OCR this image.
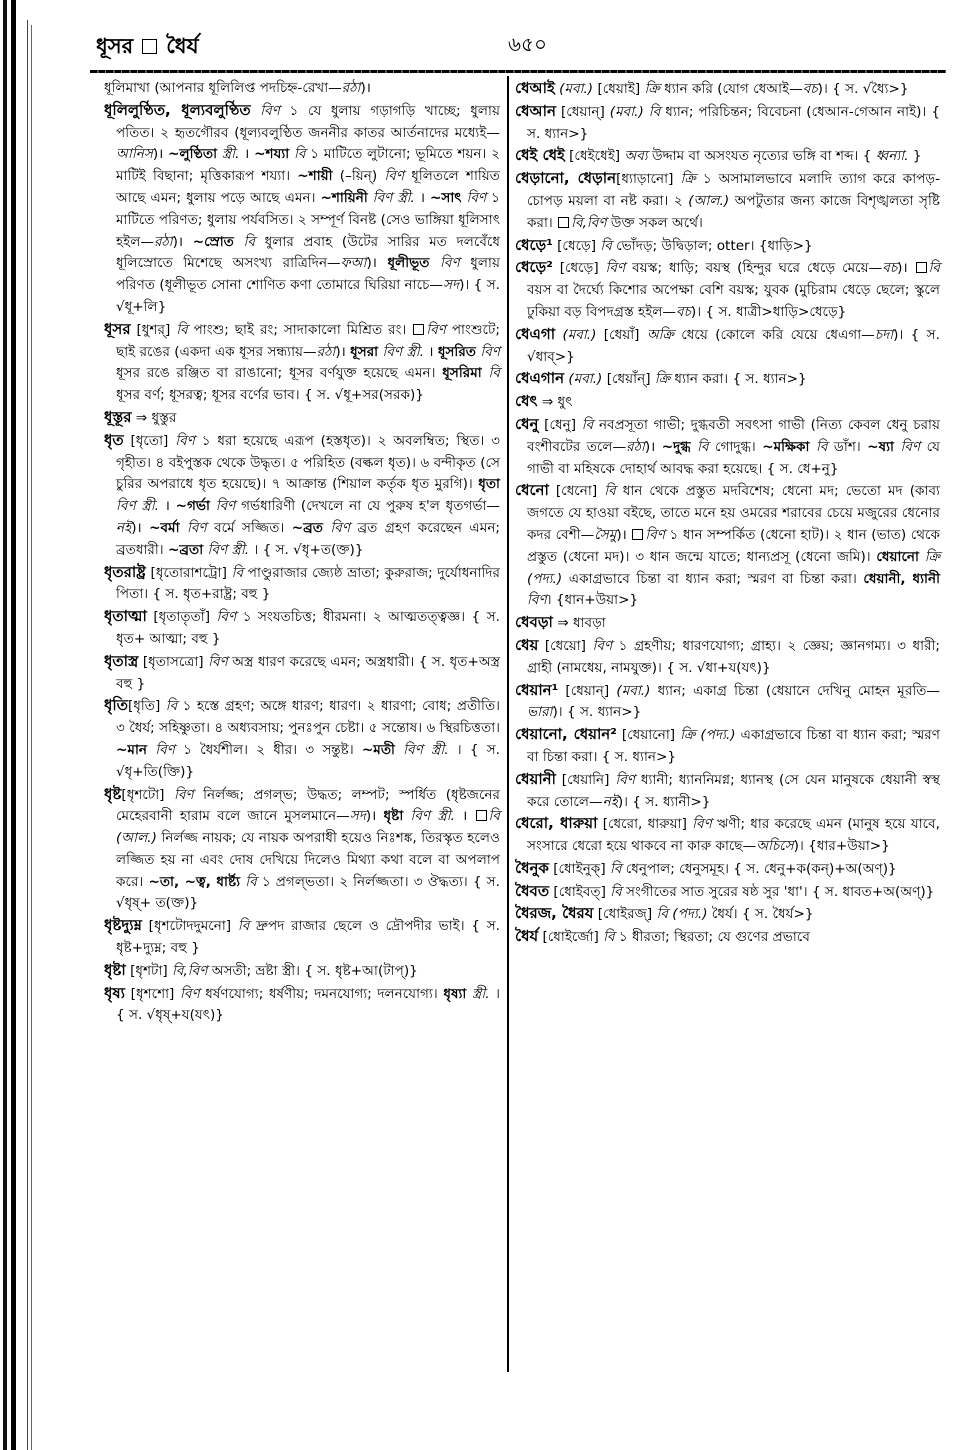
ধূসর ধৈর্য	৬৫০
ধূলিমাখা (আপনার ধূলিলিপ্ত পদচিহ্ন-রেখা—রঠা)।
ধূলিলুণ্ঠিত, ধূল্যবলুণ্ঠিত বিণ ১ যে ধুলায় গড়াগড়ি খাচ্ছে; ধুলায় পতিত। ২ হৃতগৌরব (ধূল্যবলুণ্ঠিত জননীর কাতর আর্তনাদের মধ্যেই—আনিস)। ~লুণ্ঠিতা স্ত্রী. । ~শয্যা বি ১ মাটিতে লুটানো; ভূমিতে শয়ন। ২ মাটিই বিছানা; মৃত্তিকারূপ শয্যা। ~শায়ী (–য়িন্) বিণ ধূলিতলে শায়িত আছে এমন; ধুলায় পড়ে আছে এমন। ~শায়িনী বিণ স্ত্রী. । ~সাৎ বিণ ১ মাটিতে পরিণত; ধুলায় পর্যবসিত। ২ সম্পূর্ণ বিনষ্ট (সেও ভাঙ্গিয়া ধূলিসাৎ হইল—রঠা)। ~স্রোত বি ধুলার প্রবাহ (উটের সারির মত দলবেঁধে ধূলিস্রোতে মিশেছে অসংখ্য রাত্রিদিন—ফআ)। ধূলীভূত বিণ ধুলায় পরিণত (ধূলীভূত সোনা শোণিত কণা তোমারে ঘিরিয়া নাচে—সদ)। { স. √ধূ+লি}
ধূসর [ধুশর্] বি পাংশু; ছাই রং; সাদাকালো মিশ্রিত রং। বিণ পাংশুটে; ছাই রঙের (একদা এক ধূসর সন্ধ্যায়—রঠা)। ধূসরা বিণ স্ত্রী. । ধূসরিত বিণ ধূসর রঙে রঞ্জিত বা রাঙানো; ধূসর বর্ণযুক্ত হয়েছে এমন। ধূসরিমা বি ধূসর বর্ণ; ধূসরত্ব; ধূসর বর্ণের ভাব। { স. √ধূ+সর(সরক)}
ধূস্তূর ⇒ ধুস্তুর
ধৃত [ধৃতো] বিণ ১ ধরা হয়েছে এরূপ (হস্তধৃত)। ২ অবলম্বিত; স্থিত। ৩ গৃহীত। ৪ বইপুস্তক থেকে উদ্ধৃত। ৫ পরিহিত (বল্কল ধৃত)। ৬ বন্দীকৃত (সে চুরির অপরাধে ধৃত হয়েছে)। ৭ আক্রান্ত (শিয়াল কর্তৃক ধৃত মুরগি)। ধৃতা বিণ স্ত্রী. । ~গর্ভা বিণ গর্ভধারিণী (দেখলে না যে পুরুষ হ'ল ধৃতগর্ভা—নই)। ~বর্মা বিণ বর্মে সজ্জিত। ~ব্রত বিণ ব্রত গ্রহণ করেছেন এমন; ব্রতধারী। ~ব্রতা বিণ স্ত্রী. । { স. √ধৃ+ত(ক্ত)}
ধৃতরাষ্ট্র [ধৃতোরাশট্রো] বি পাণ্ডুরাজার জ্যেষ্ঠ ভ্রাতা; কুরুরাজ; দুর্যোধনাদির পিতা। { স. ধৃত+রাষ্ট্র; বহু }
ধৃতাত্মা [ধৃতাতৃতাঁ] বিণ ১ সংযতচিত্ত; ধীরমনা। ২ আত্মতত্ত্বজ্ঞ। { স. ধৃত+ আত্মা; বহু }
ধৃতাস্ত্র [ধৃতাসত্রো] বিণ অস্ত্র ধারণ করেছে এমন; অস্ত্রধারী। { স. ধৃত+অস্ত্র বহু }
ধৃতি[ধৃতি] বি ১ হস্তে গ্রহণ; অঙ্গে ধারণ; ধারণ। ২ ধারণা; বোধ; প্রতীতি। ৩ ধৈর্য; সহিষ্ণুতা। ৪ অধ্যবসায়; পুনঃপুন চেষ্টা। ৫ সন্তোষ। ৬ স্থিরচিত্ততা। ~মান বিণ ১ ধৈর্যশীল। ২ ধীর। ৩ সন্তুষ্ট। ~মতী বিণ স্ত্রী. । { স. √ধৃ+তি(ক্তি)}
ধৃষ্ট[ধৃশটো] বিণ নির্লজ্জ; প্রগল্ভ; উদ্ধত; লম্পট; স্পর্ধিত (ধৃষ্টজনের মেহেরবানী হারাম বলে জানে মুসলমানে—সদ)। ধৃষ্টা বিণ স্ত্রী. । বি (আল.) নির্লজ্জ নায়ক; যে নায়ক অপরাধী হয়েও নিঃশঙ্ক, তিরস্কৃত হলেও লজ্জিত হয় না এবং দোষ দেখিয়ে দিলেও মিথ্যা কথা বলে বা অপলাপ করে। ~তা, ~ত্ব, ধার্ষ্ট্য বি ১ প্রগল্ভতা। ২ নির্লজ্জতা। ৩ ঔদ্ধত্য। { স. √ধৃষ্+ ত(ক্ত)}
ধৃষ্টদ্যুম্ন [ধৃশটোদদুমনো] বি দ্রুপদ রাজার ছেলে ও দ্রৌপদীর ভাই। { স. ধৃষ্ট+দ্যুম্ন; বহু }
ধৃষ্টা [ধৃশটা] বি,বিণ অসতী; ভ্রষ্টা স্ত্রী। { স. ধৃষ্ট+আ(টাপ্)}
ধৃষ্য [ধৃশশো] বিণ ধর্ষণযোগ্য; ধর্ষণীয়; দমনযোগ্য; দলনযোগ্য। ধৃষ্যা স্ত্রী. । { স. √ধৃষ্+য(যৎ)}
ধেআই (মবা.) [ধেয়াই] ক্রি ধ্যান করি (যোগ ধেআই—বচ)। { স. √ধ্যৈ>}
ধেআন [ধেয়ান্] (মবা.) বি ধ্যান; পরিচিন্তন; বিবেচনা (ধেআন-গেআন নাই)। { স. ধ্যান>}
ধেই ধেই [ধেইধেই] অব্য উদ্দাম বা অসংযত নৃত্যের ভঙ্গি বা শব্দ। { ধ্বন্যা. }
ধেড়ানো, ধেড়ান[ধ্যাড়ানো] ক্রি ১ অসামালভাবে মলাদি ত্যাগ করে কাপড়-চোপড় ময়লা বা নষ্ট করা। ২ (আল.) অপটুতার জন্য কাজে বিশৃঙ্খলতা সৃষ্টি করা। বি,বিণ উক্ত সকল অর্থে।
ধেড়ে¹ [ধেড়ে] বি ভোঁদড়; উদ্বিড়াল; otter। {ধাড়ি>}
ধেড়ে² [ধেড়ে] বিণ বয়স্ক; ধাড়ি; বয়স্থ (হিন্দুর ঘরে ধেড়ে মেয়ে—বচ)। বি বয়স বা দৈর্ঘ্যে কিশোর অপেক্ষা বেশি বয়স্ক; যুবক (মুচিরাম ধেড়ে ছেলে; স্কুলে ঢুকিয়া বড় বিপদগ্রস্ত হইল—বচ)। { স. ধাত্রী>ধাড়ি>ধেড়ে}
ধেএগা (মবা.) [ধেয়াঁ] অক্রি ধেয়ে (কোলে করি যেয়ে ধেএগা—চদা)। { স. √ধাব্>}
ধেএগান (মবা.) [ধেয়াঁন্] ক্রি ধ্যান করা। { স. ধ্যান>}
ধেৎ ⇒ ধুৎ
ধেনু [ধেনু] বি নবপ্রসূতা গাভী; দুগ্ধবতী সবৎসা গাভী (নিত্য কেবল ধেনু চরায় বংশীবটের তলে—রঠা)। ~দুগ্ধ বি গোদুগ্ধ। ~মক্ষিকা বি ডাঁশ। ~ষ্যা বিণ যে গাভী বা মহিষকে দোহার্থ আবদ্ধ করা হয়েছে। { স. ধে+নু}
ধেনো [ধেনো] বি ধান থেকে প্রস্তুত মদবিশেষ; ধেনো মদ; ভেতো মদ (কাব্য জগতে যে হাওয়া বইছে, তাতে মনে হয় ওমরের শরাবের চেয়ে মজুরের ধেনোর কদর বেশী—সৈমু)। বিণ ১ ধান সম্পর্কিত (ধেনো হাট)। ২ ধান (ভাত) থেকে প্রস্তুত (ধেনো মদ)। ৩ ধান জন্মে যাতে; ধান্যপ্রসূ (ধেনো জমি)। ধেয়ানো ক্রি (পদ্য.) একাগ্রভাবে চিন্তা বা ধ্যান করা; স্মরণ বা চিন্তা করা। ধেয়ানী, ধ্যানী বিণ। {ধান+উয়া>}
ধেবড়া ⇒ ধাবড়া
ধেয় [ধেয়ো] বিণ ১ গ্রহণীয়; ধারণযোগ্য; গ্রাহ্য। ২ জ্ঞেয়; জ্ঞানগম্য। ৩ ধারী; গ্রাহী (নামধেয়, নামযুক্ত)। { স. √ধা+য(যৎ)}
ধেয়ান¹ [ধেয়ান্] (মবা.) ধ্যান; একাগ্র চিন্তা (ধেয়ানে দেখিনু মোহন মূরতি—ভারা)। { স. ধ্যান>}
ধেয়ানো, ধেয়ান² [ধেয়ানো] ক্রি (পদ্য.) একাগ্রভাবে চিন্তা বা ধ্যান করা; স্মরণ বা চিন্তা করা। { স. ধ্যান>}
ধেয়ানী [ধেয়ানি] বিণ ধ্যানী; ধ্যাননিমগ্ন; ধ্যানস্থ (সে যেন মানুষকে ধেয়ানী স্বস্থ করে তোলে—নই)। { স. ধ্যানী>}
ধেরো, ধারুয়া [ধেরো, ধারুয়া] বিণ ঋণী; ধার করেছে এমন (মানুষ হয়ে যাবে, সংসারে ধেরো হয়ে থাকবে না কারু কাছে—অচিসে)। {ধার+উয়া>}
ধৈনুক [ধোইনুক্] বি ধেনুপাল; ধেনুসমূহ। { স. ধেনু+ক(কন্)+অ(অণ্)}
ধৈবত [ধোইবত্] বি সংগীতের সাত সুরের ষষ্ঠ সুর 'ধা'। { স. ধাবত+অ(অণ্)}
ধৈরজ, ধৈরয [ধোইরজ্] বি (পদ্য.) ধৈর্য। { স. ধৈর্য>}
ধৈর্য [ধোইর্জো] বি ১ ধীরতা; স্থিরতা; যে গুণের প্রভাবে
